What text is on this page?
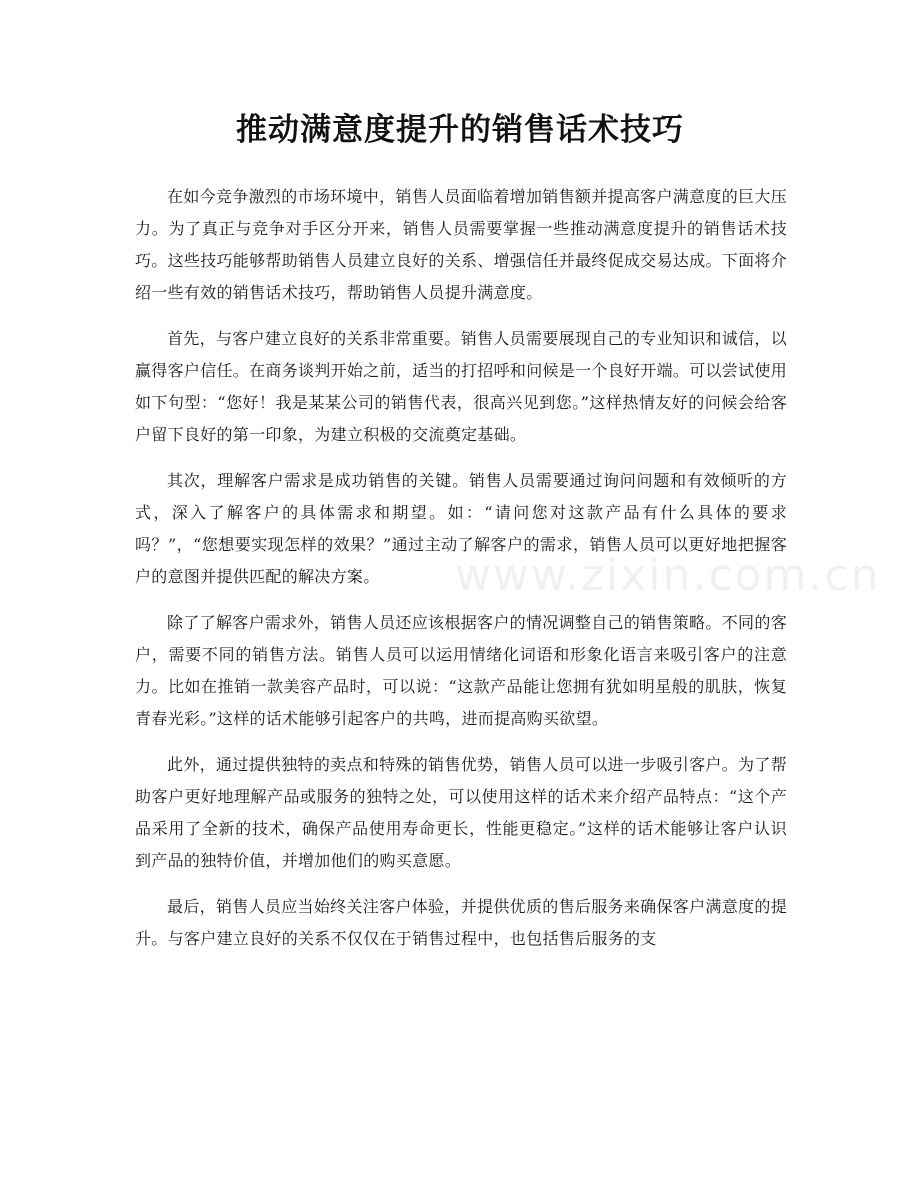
推动满意度提升的销售话术技巧

在如今竞争激烈的市场环境中，销售人员面临着增加销售额并提高客户满意度的巨大压力。为了真正与竞争对手区分开来，销售人员需要掌握一些推动满意度提升的销售话术技巧。这些技巧能够帮助销售人员建立良好的关系、增强信任并最终促成交易达成。下面将介绍一些有效的销售话术技巧，帮助销售人员提升满意度。

首先，与客户建立良好的关系非常重要。销售人员需要展现自己的专业知识和诚信，以赢得客户信任。在商务谈判开始之前，适当的打招呼和问候是一个良好开端。可以尝试使用如下句型：“您好！我是某某公司的销售代表，很高兴见到您。”这样热情友好的问候会给客户留下良好的第一印象，为建立积极的交流奠定基础。

其次，理解客户需求是成功销售的关键。销售人员需要通过询问问题和有效倾听的方式，深入了解客户的具体需求和期望。如：“请问您对这款产品有什么具体的要求吗？”，“您想要实现怎样的效果？”通过主动了解客户的需求，销售人员可以更好地把握客户的意图并提供匹配的解决方案。

除了了解客户需求外，销售人员还应该根据客户的情况调整自己的销售策略。不同的客户，需要不同的销售方法。销售人员可以运用情绪化词语和形象化语言来吸引客户的注意力。比如在推销一款美容产品时，可以说：“这款产品能让您拥有犹如明星般的肌肤，恢复青春光彩。”这样的话术能够引起客户的共鸣，进而提高购买欲望。

此外，通过提供独特的卖点和特殊的销售优势，销售人员可以进一步吸引客户。为了帮助客户更好地理解产品或服务的独特之处，可以使用这样的话术来介绍产品特点：“这个产品采用了全新的技术，确保产品使用寿命更长，性能更稳定。”这样的话术能够让客户认识到产品的独特价值，并增加他们的购买意愿。

最后，销售人员应当始终关注客户体验，并提供优质的售后服务来确保客户满意度的提升。与客户建立良好的关系不仅仅在于销售过程中，也包括售后服务的支

www.zixin.com.cn
